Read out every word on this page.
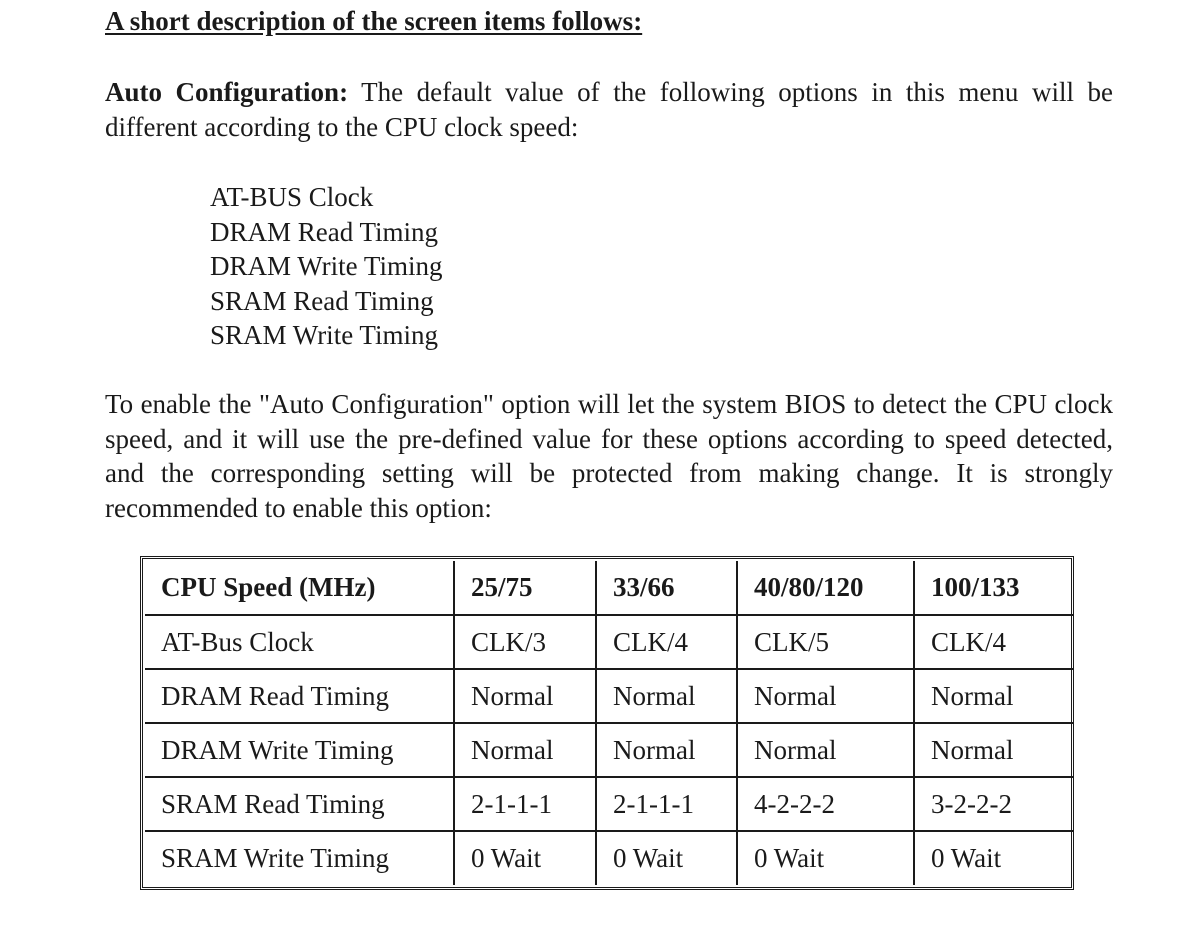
A short description of the screen items follows:
Auto Configuration: The default value of the following options in this menu will be different according to the CPU clock speed:
AT-BUS Clock
DRAM Read Timing
DRAM Write Timing
SRAM Read Timing
SRAM Write Timing
To enable the "Auto Configuration" option will let the system BIOS to detect the CPU clock speed, and it will use the pre-defined value for these options according to speed detected, and the corresponding setting will be protected from making change. It is strongly recommended to enable this option:
CPU Speed (MHz)	25/75	33/66	40/80/120	100/133
AT-Bus Clock	CLK/3	CLK/4	CLK/5	CLK/4
DRAM Read Timing	Normal	Normal	Normal	Normal
DRAM Write Timing	Normal	Normal	Normal	Normal
SRAM Read Timing	2-1-1-1	2-1-1-1	4-2-2-2	3-2-2-2
SRAM Write Timing	0 Wait	0 Wait	0 Wait	0 Wait
